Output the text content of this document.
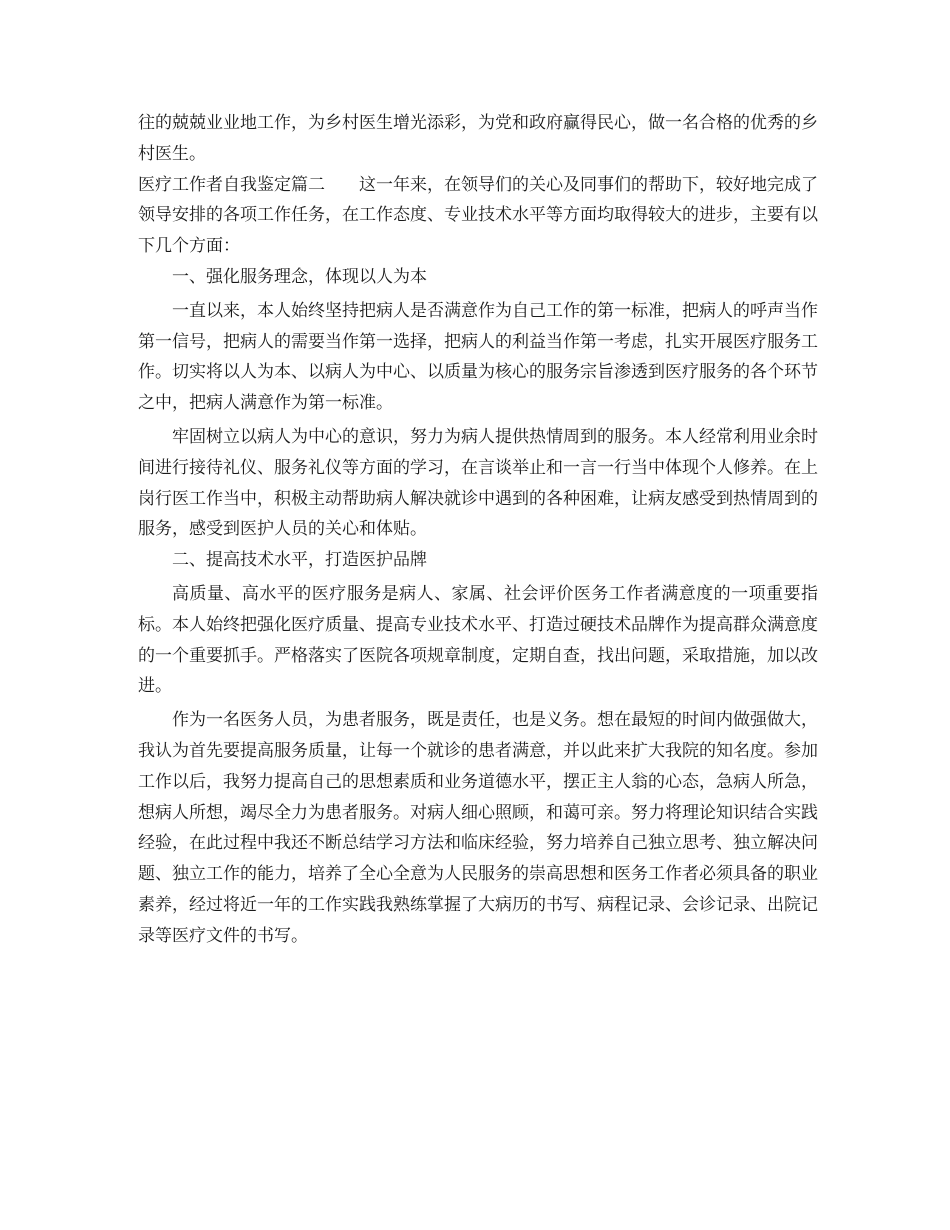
往的兢兢业业地工作，为乡村医生增光添彩，为党和政府赢得民心，做一名合格的优秀的乡村医生。

医疗工作者自我鉴定篇二　　这一年来，在领导们的关心及同事们的帮助下，较好地完成了领导安排的各项工作任务，在工作态度、专业技术水平等方面均取得较大的进步，主要有以下几个方面：

一、强化服务理念，体现以人为本

一直以来，本人始终坚持把病人是否满意作为自己工作的第一标准，把病人的呼声当作第一信号，把病人的需要当作第一选择，把病人的利益当作第一考虑，扎实开展医疗服务工作。切实将以人为本、以病人为中心、以质量为核心的服务宗旨渗透到医疗服务的各个环节之中，把病人满意作为第一标准。

牢固树立以病人为中心的意识，努力为病人提供热情周到的服务。本人经常利用业余时间进行接待礼仪、服务礼仪等方面的学习，在言谈举止和一言一行当中体现个人修养。在上岗行医工作当中，积极主动帮助病人解决就诊中遇到的各种困难，让病友感受到热情周到的服务，感受到医护人员的关心和体贴。

二、提高技术水平，打造医护品牌

高质量、高水平的医疗服务是病人、家属、社会评价医务工作者满意度的一项重要指标。本人始终把强化医疗质量、提高专业技术水平、打造过硬技术品牌作为提高群众满意度的一个重要抓手。严格落实了医院各项规章制度，定期自查，找出问题，采取措施，加以改进。

作为一名医务人员，为患者服务，既是责任，也是义务。想在最短的时间内做强做大，我认为首先要提高服务质量，让每一个就诊的患者满意，并以此来扩大我院的知名度。参加工作以后，我努力提高自己的思想素质和业务道德水平，摆正主人翁的心态，急病人所急，想病人所想，竭尽全力为患者服务。对病人细心照顾，和蔼可亲。努力将理论知识结合实践经验，在此过程中我还不断总结学习方法和临床经验，努力培养自己独立思考、独立解决问题、独立工作的能力，培养了全心全意为人民服务的崇高思想和医务工作者必须具备的职业素养，经过将近一年的工作实践我熟练掌握了大病历的书写、病程记录、会诊记录、出院记录等医疗文件的书写。
